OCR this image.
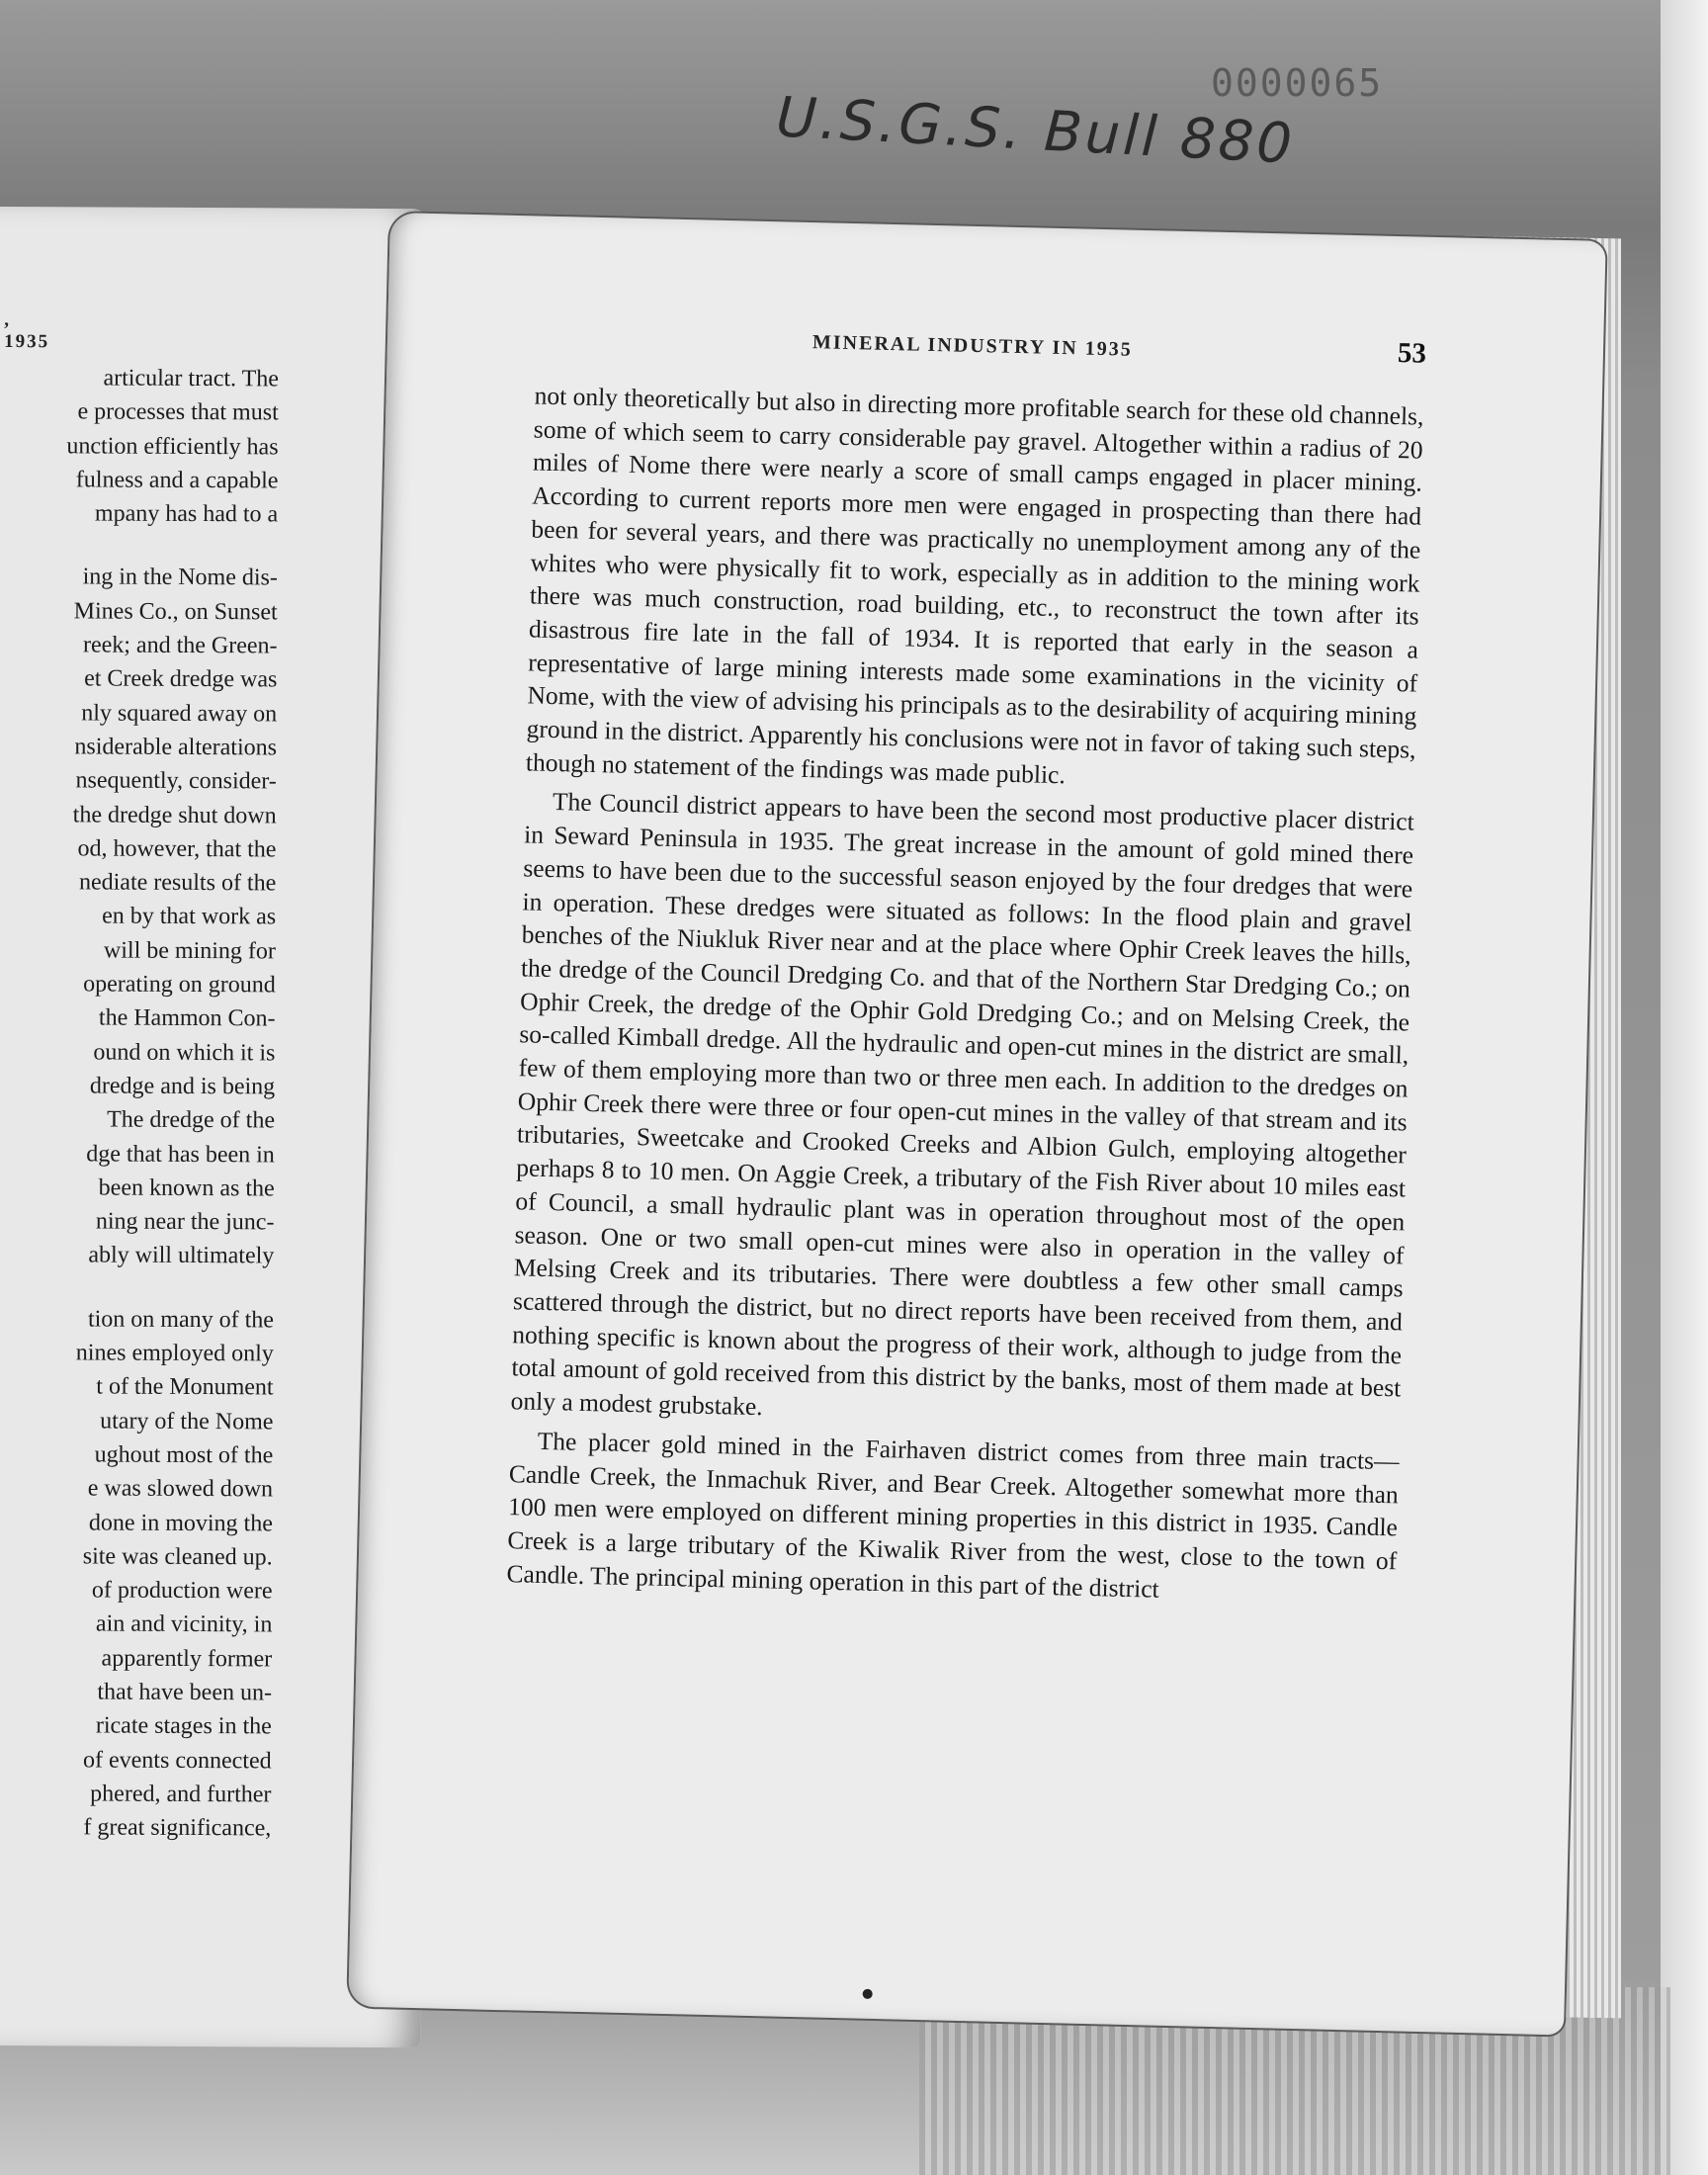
0000065
U.S.G.S. Bull 880
, 1935
articular tract. The
e processes that must
unction efficiently has
fulness and a capable
mpany has had to a
ing in the Nome dis-
Mines Co., on Sunset
reek; and the Green-
et Creek dredge was
nly squared away on
nsiderable alterations
nsequently, consider-
the dredge shut down
od, however, that the
nediate results of the
en by that work as
will be mining for
operating on ground
the Hammon Con-
ound on which it is
dredge and is being
The dredge of the
dge that has been in
been known as the
ning near the junc-
ably will ultimately
tion on many of the
nines employed only
t of the Monument
utary of the Nome
ughout most of the
e was slowed down
done in moving the
site was cleaned up.
of production were
ain and vicinity, in
apparently former
that have been un-
ricate stages in the
of events connected
phered, and further
f great significance,
MINERAL INDUSTRY IN 1935	53

not only theoretically but also in directing more profitable search for these old channels, some of which seem to carry considerable pay gravel. Altogether within a radius of 20 miles of Nome there were nearly a score of small camps engaged in placer mining. According to current reports more men were engaged in prospecting than there had been for several years, and there was practically no unemployment among any of the whites who were physically fit to work, especially as in addition to the mining work there was much construction, road building, etc., to reconstruct the town after its disastrous fire late in the fall of 1934. It is reported that early in the season a representative of large mining interests made some examinations in the vicinity of Nome, with the view of advising his principals as to the desirability of acquiring mining ground in the district. Apparently his conclusions were not in favor of taking such steps, though no statement of the findings was made public.

The Council district appears to have been the second most productive placer district in Seward Peninsula in 1935. The great increase in the amount of gold mined there seems to have been due to the successful season enjoyed by the four dredges that were in operation. These dredges were situated as follows: In the flood plain and gravel benches of the Niukluk River near and at the place where Ophir Creek leaves the hills, the dredge of the Council Dredging Co. and that of the Northern Star Dredging Co.; on Ophir Creek, the dredge of the Ophir Gold Dredging Co.; and on Melsing Creek, the so-called Kimball dredge. All the hydraulic and open-cut mines in the district are small, few of them employing more than two or three men each. In addition to the dredges on Ophir Creek there were three or four open-cut mines in the valley of that stream and its tributaries, Sweetcake and Crooked Creeks and Albion Gulch, employing altogether perhaps 8 to 10 men. On Aggie Creek, a tributary of the Fish River about 10 miles east of Council, a small hydraulic plant was in operation throughout most of the open season. One or two small open-cut mines were also in operation in the valley of Melsing Creek and its tributaries. There were doubtless a few other small camps scattered through the district, but no direct reports have been received from them, and nothing specific is known about the progress of their work, although to judge from the total amount of gold received from this district by the banks, most of them made at best only a modest grubstake.

The placer gold mined in the Fairhaven district comes from three main tracts—Candle Creek, the Inmachuk River, and Bear Creek. Altogether somewhat more than 100 men were employed on different mining properties in this district in 1935. Candle Creek is a large tributary of the Kiwalik River from the west, close to the town of Candle. The principal mining operation in this part of the district
